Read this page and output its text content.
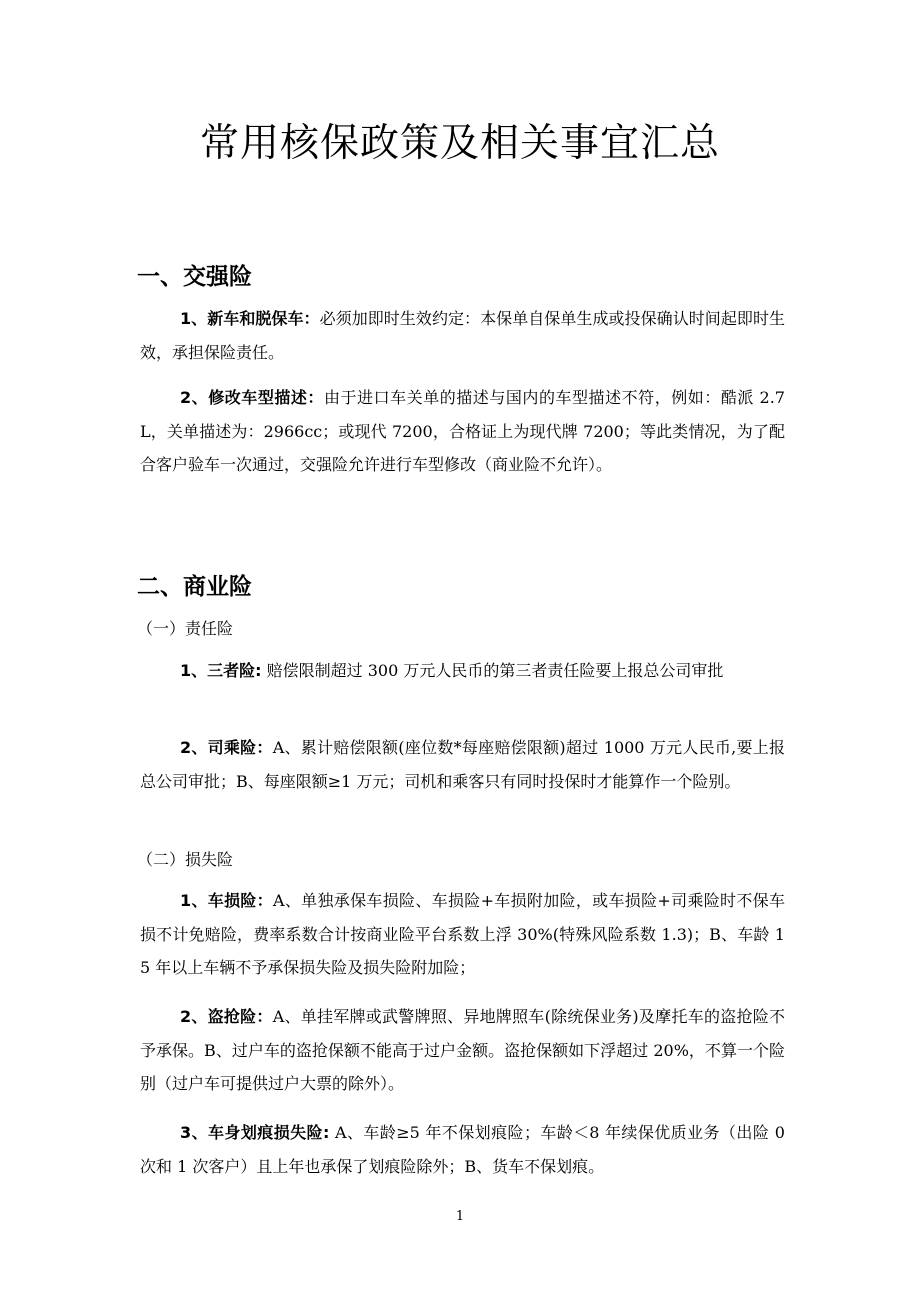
常用核保政策及相关事宜汇总
一、交强险

1、新车和脱保车：必须加即时生效约定：本保单自保单生成或投保确认时间起即时生效，承担保险责任。

2、修改车型描述：由于进口车关单的描述与国内的车型描述不符，例如：酷派 2.7L，关单描述为：2966cc；或现代 7200，合格证上为现代牌 7200；等此类情况，为了配合客户验车一次通过，交强险允许进行车型修改（商业险不允许）。

二、商业险
（一）责任险

1、三者险: 赔偿限制超过 300 万元人民币的第三者责任险要上报总公司审批

2、司乘险：A、累计赔偿限额(座位数*每座赔偿限额)超过 1000 万元人民币,要上报总公司审批；B、每座限额≥1 万元；司机和乘客只有同时投保时才能算作一个险别。

（二）损失险

1、车损险：A、单独承保车损险、车损险+车损附加险，或车损险+司乘险时不保车损不计免赔险，费率系数合计按商业险平台系数上浮 30%(特殊风险系数 1.3)；B、车龄 15 年以上车辆不予承保损失险及损失险附加险；

2、盗抢险：A、单挂军牌或武警牌照、异地牌照车(除统保业务)及摩托车的盗抢险不予承保。B、过户车的盗抢保额不能高于过户金额。盗抢保额如下浮超过 20%，不算一个险别（过户车可提供过户大票的除外）。

3、车身划痕损失险: A、车龄≥5 年不保划痕险；车龄＜8 年续保优质业务（出险 0 次和 1 次客户）且上年也承保了划痕险除外；B、货车不保划痕。

1
